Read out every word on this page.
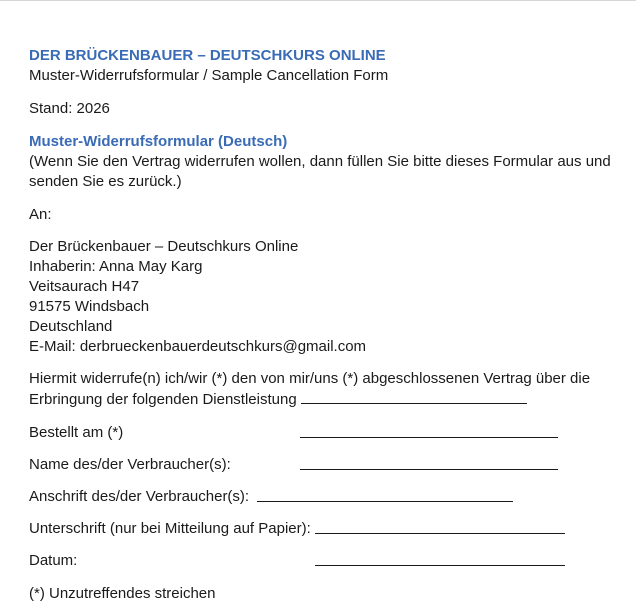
DER BRÜCKENBAUER – DEUTSCHKURS ONLINE
Muster-Widerrufsformular / Sample Cancellation Form
Stand: 2026
Muster-Widerrufsformular (Deutsch)
(Wenn Sie den Vertrag widerrufen wollen, dann füllen Sie bitte dieses Formular aus und senden Sie es zurück.)
An:
Der Brückenbauer – Deutschkurs Online
Inhaberin: Anna May Karg
Veitsaurach H47
91575 Windsbach
Deutschland
E-Mail: derbrueckenbauerdeutschkurs@gmail.com
Hiermit widerrufe(n) ich/wir (*) den von mir/uns (*) abgeschlossenen Vertrag über die
Erbringung der folgenden Dienstleistung
Bestellt am (*)
Name des/der Verbraucher(s):
Anschrift des/der Verbraucher(s):
Unterschrift (nur bei Mitteilung auf Papier):
Datum:
(*) Unzutreffendes streichen
